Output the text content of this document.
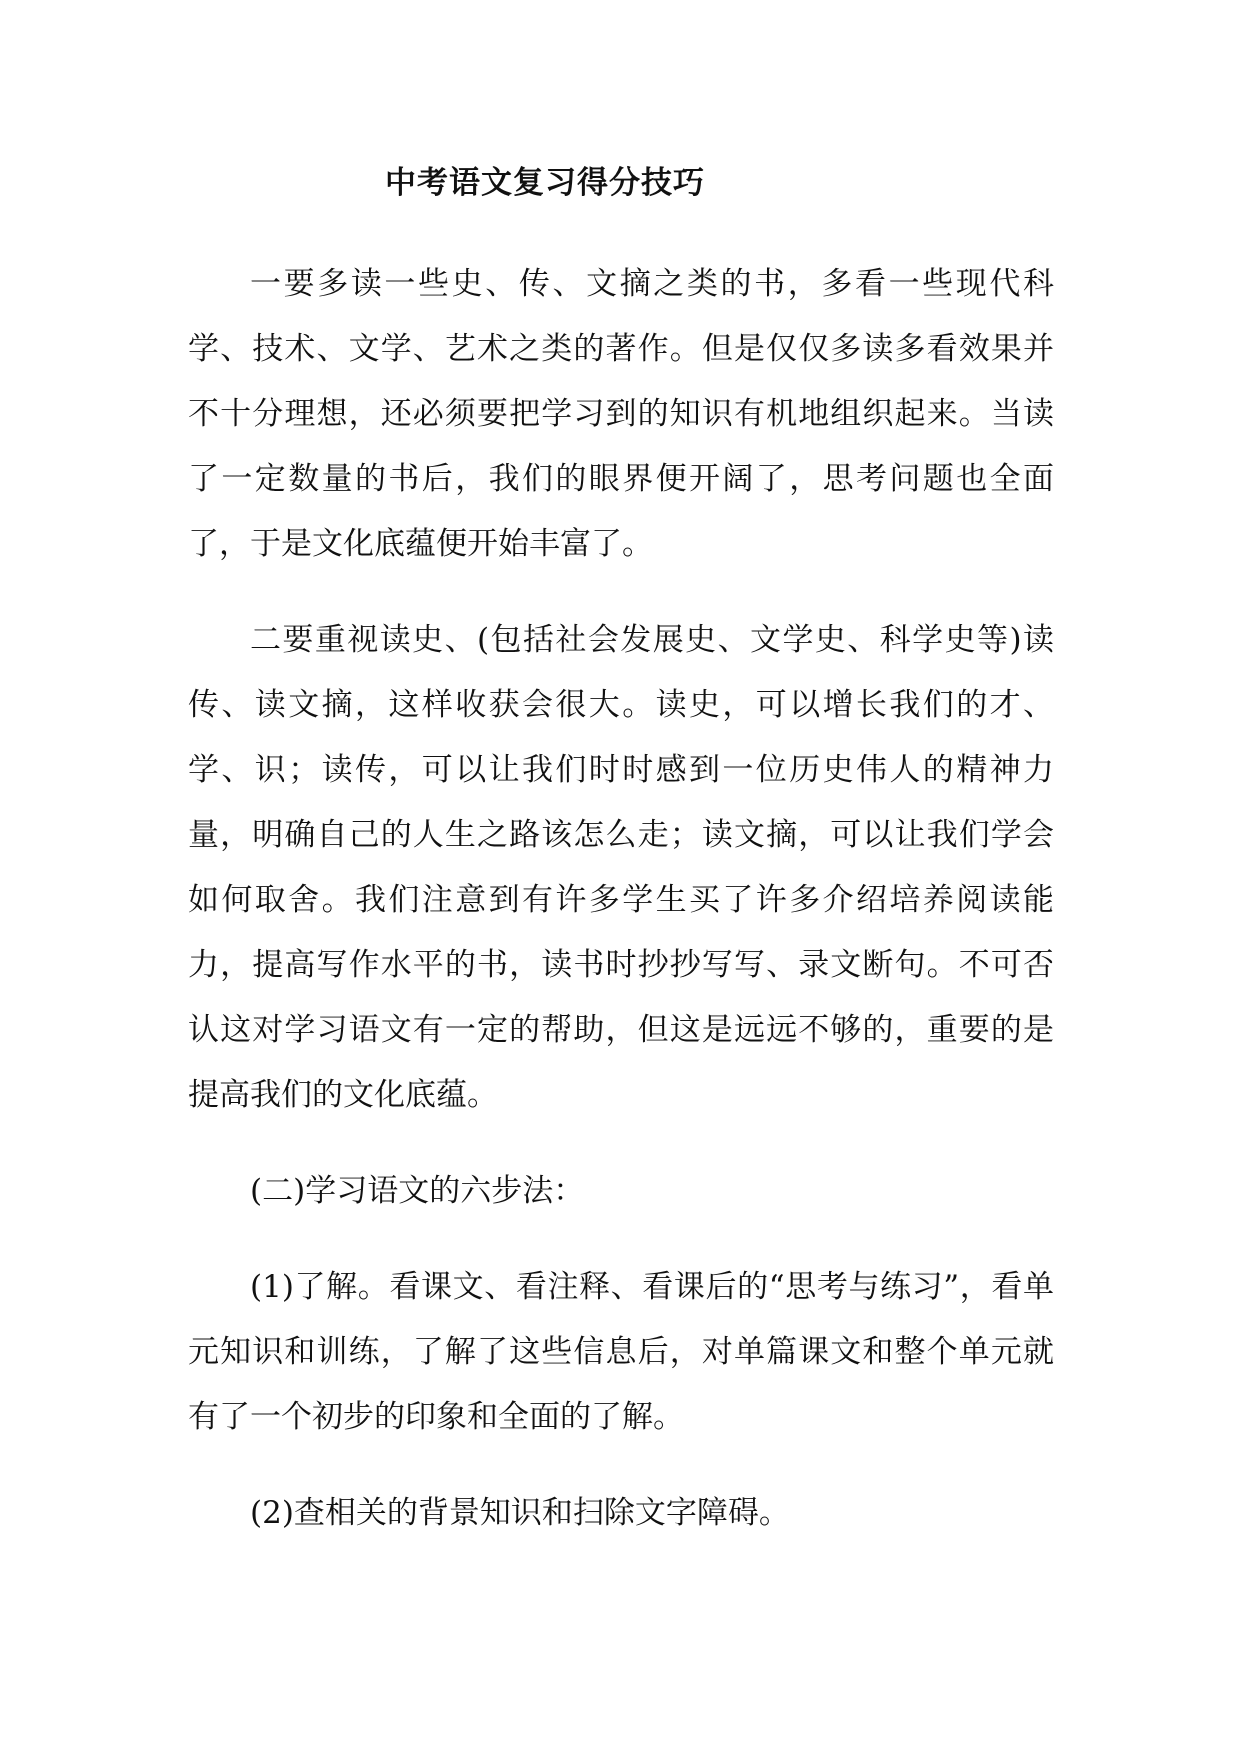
中考语文复习得分技巧

一要多读一些史、传、文摘之类的书，多看一些现代科学、技术、文学、艺术之类的著作。但是仅仅多读多看效果并不十分理想，还必须要把学习到的知识有机地组织起来。当读了一定数量的书后，我们的眼界便开阔了，思考问题也全面了，于是文化底蕴便开始丰富了。

二要重视读史、(包括社会发展史、文学史、科学史等)读传、读文摘，这样收获会很大。读史，可以增长我们的才、学、识；读传，可以让我们时时感到一位历史伟人的精神力量，明确自己的人生之路该怎么走；读文摘，可以让我们学会如何取舍。我们注意到有许多学生买了许多介绍培养阅读能力，提高写作水平的书，读书时抄抄写写、录文断句。不可否认这对学习语文有一定的帮助，但这是远远不够的，重要的是提高我们的文化底蕴。

(二)学习语文的六步法：

(1)了解。看课文、看注释、看课后的“思考与练习”，看单元知识和训练，了解了这些信息后，对单篇课文和整个单元就有了一个初步的印象和全面的了解。

(2)查相关的背景知识和扫除文字障碍。
